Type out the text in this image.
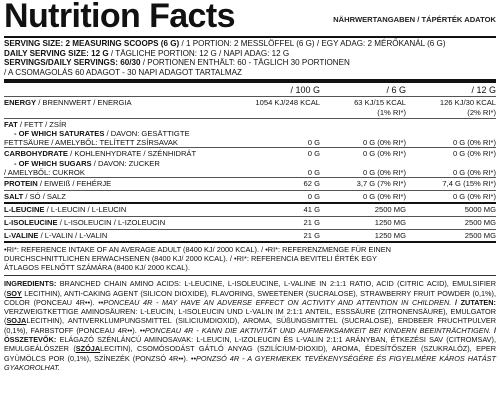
Nutrition Facts	NÄHRWERTANGABEN / TÁPÉRTÉK ADATOK
SERVING SIZE: 2 MEASURING SCOOPS (6 G) / 1 PORTION: 2 MESSLÖFFEL (6 G) / EGY ADAG: 2 MÉRŐKANÁL (6 G)
DAILY SERVING SIZE: 12 G / TÄGLICHE PORTION: 12 G / NAPI ADAG: 12 G
SERVINGS/DAILY SERVINGS: 60/30 / PORTIONEN ENTHÄLT: 60 - TÄGLICH 30 PORTIONEN
/ A CSOMAGOLÁS 60 ADAGOT - 30 NAPI ADAGOT TARTALMAZ
	/ 100 G	/ 6 G	/ 12 G
ENERGY / BRENNWERT / ENERGIA	1054 KJ/248 KCAL	63 KJ/15 KCAL	126 KJ/30 KCAL
		(1% RI*)	(2% RI*)
FAT / FETT / ZSÍR			
- OF WHICH SATURATES / DAVON: GESÄTTIGTE			
FETTSÄURE / AMELYBŐL: TELÍTETT ZSÍRSAVAK	0 G	0 G (0% RI*)	0 G (0% RI*)
CARBOHYDRATE / KOHLENHYDRATE / SZÉNHIDRÁT	0 G	0 G (0% RI*)	0 G (0% RI*)
- OF WHICH SUGARS / DAVON: ZUCKER			
/ AMELYBŐL: CUKROK	0 G	0 G (0% RI*)	0 G (0% RI*)
PROTEIN / EIWEIß / FEHÉRJE	62 G	3,7 G (7% RI*)	7,4 G (15% RI*)
SALT / SÓ / SALZ	0 G	0 G (0% RI*)	0 G (0% RI*)
L-LEUCINE / L-LEUCIN / L-LEUCIN	41 G	2500 MG	5000 MG
L-ISOLEUCINE / L-ISOLEUCIN / L-IZOLEUCIN	21 G	1250 MG	2500 MG
L-VALINE / L-VALIN / L-VALIN	21 G	1250 MG	2500 MG
•RI*: REFERENCE INTAKE OF AN AVERAGE ADULT (8400 KJ/ 2000 KCAL). / •RI*: REFERENZMENGE FÜR EINEN
DURCHSCHNITTLICHEN ERWACHSENEN (8400 KJ/ 2000 KCAL). / •RI*: REFERENCIA BEVITELI ÉRTÉK EGY
ÁTLAGOS FELNŐTT SZÁMÁRA (8400 KJ/ 2000 KCAL).
INGREDIENTS: BRANCHED CHAIN AMINO ACIDS: L-LEUCINE, L-ISOLEUCINE, L-VALINE IN 2:1:1 RATIO, ACID (CITRIC ACID), EMULSIFIER (SOY LECITHIN), ANTI-CAKING AGENT (SILICON DIOXIDE), FLAVORING, SWEETENER (SUCRALOSE), STRAWBERRY FRUIT POWDER (0,1%), COLOR (PONCEAU 4R••). ••PONCEAU 4R - MAY HAVE AN ADVERSE EFFECT ON ACTIVITY AND ATTENTION IN CHILDREN. / ZUTATEN: VERZWEIGTKETTIGE AMINOSÄUREN: L-LEUCIN, L-ISOLEUCIN UND L-VALIN IM 2:1:1 ANTEIL, ESSSÄURE (ZITRONENSÄURE), EMULGATOR (SOJALECITHIN), ANTIVERKLUMPUNGSMITTEL (SILICIUMDIOXID), AROMA, SÜßUNGSMITTEL (SUCRALOSE), ERDBEER FRUCHTPULVER (0,1%), FARBSTOFF (PONCEAU 4R••). ••PONCEAU 4R - KANN DIE AKTIVITÄT UND AUFMERKSAMKEIT BEI KINDERN BEEINTRÄCHTIGEN. / ÖSSZETEVŐK: ELÁGAZÓ SZÉNLÁNCÚ AMINOSAVAK: L-LEUCIN, L-IZOLEUCIN ÉS L-VALIN 2:1:1 ARÁNYBAN, ÉTKEZÉSI SAV (CITROMSAV), EMULGEÁLÓSZER (SZÓJALECITIN), CSOMÓSODÁST GÁTLÓ ANYAG (SZILÍCIUM-DIOXID), AROMA, ÉDESÍTŐSZER (SZUKRALÓZ), EPER GYÜMÖLCS POR (0,1%), SZÍNEZÉK (PONZSÓ 4R••). ••PONZSÓ 4R - A GYERMEKEK TEVÉKENYSÉGÉRE ÉS FIGYELMÉRE KÁROS HATÁST GYAKOROLHAT.
